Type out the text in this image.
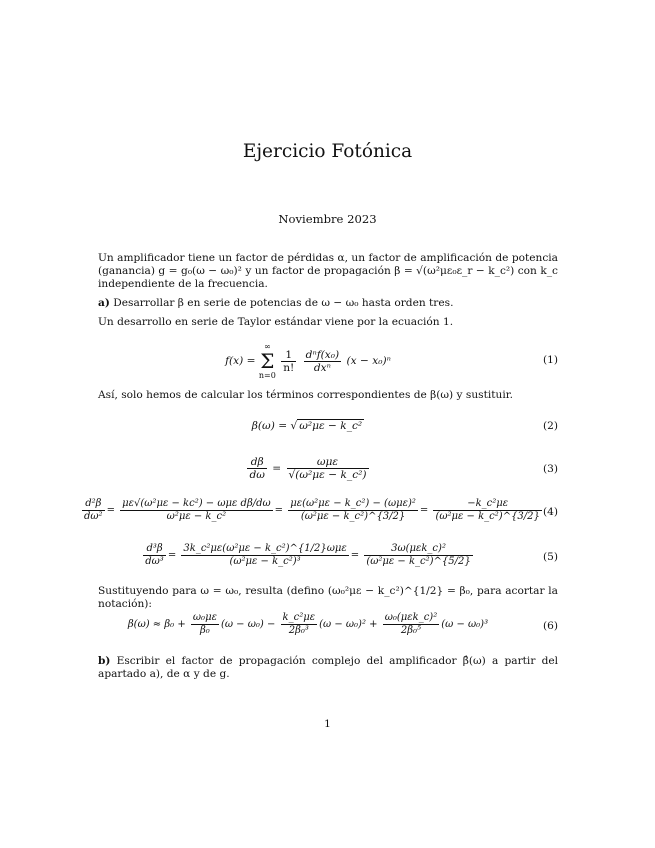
Ejercicio Fotónica
Noviembre 2023
Un amplificador tiene un factor de pérdidas α, un factor de amplificación de potencia (ganancia) g = g₀(ω − ω₀)² y un factor de propagación β = √(ω²με₀ε_r − k_c²) con k_c independiente de la frecuencia.
a) Desarrollar β en serie de potencias de ω − ω₀ hasta orden tres.
Un desarrollo en serie de Taylor estándar viene por la ecuación 1.
f(x) = ∞
Σ
n=0
$\frac{1}{n!}$
$\frac{\text{dⁿf(x₀)}}{\text{dxⁿ}} (x - x_0)^n$	(1)
Así, solo hemos de calcular los términos correspondientes de β(ω) y sustituir.
β(ω) = √ ω²με − k_c²	(2)
$\frac{d\beta}{d\omega} = \frac{\text{ωμε}}{\text{√(ω²με − k\_c²)}}$	(3)
$\frac{\text{d²β}}{\text{dω²}} = \frac{\text{με√(ω²με − kc²) − ωμε dβ/dω}}{\text{ω²με − k\_c²}} = \frac{\text{με(ω²με − k\_c²) − (ωμε)²}}{\text{(ω²με − k\_c²)\textasciicircum{}\{3/2\}}} = \frac{\text{−k\_c²με}}{\text{(ω²με − k\_c²)\textasciicircum{}\{3/2\}}} (4)$
$\frac{\text{d³β}}{\text{dω³}} = \frac{\text{3k\_c²με(ω²με − k\_c²)\textasciicircum{}\{1/2\}ωμε}}{\text{(ω²με − k\_c²)³}} = \frac{\text{3ω(μεk\_c)²}}{\text{(ω²με − k\_c²)\textasciicircum{}\{5/2\}}}$	(5)
Sustituyendo para ω = ω₀, resulta (defino (ω₀²με − k_c²)^{1/2} = β₀, para acortar la notación):
$\beta(\omega) \approx \beta_0 + \frac{\text{ω₀με}}{\text{β₀}} (\omega - \omega_0) - \frac{\text{k\_c²με}}{\text{2β₀³}} (\omega - \omega_0)^2 + \frac{\text{ω₀(μεk\_c)²}}{\text{2β₀⁵}} (\omega - \omega_0)^3$	(6)
b) Escribir el factor de propagación complejo del amplificador β̂(ω) a partir del apartado a), de α y de g.
1
